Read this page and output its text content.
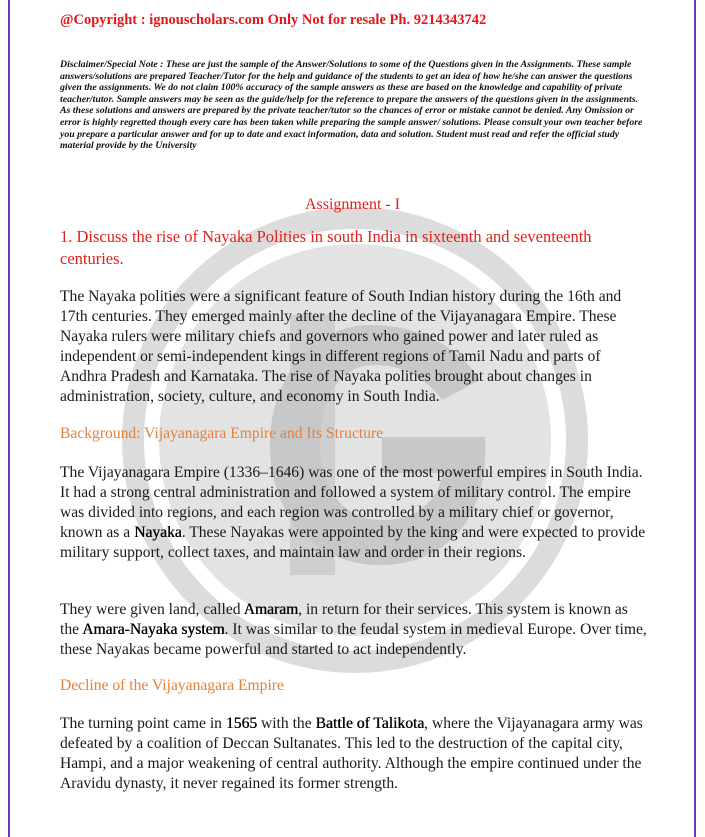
@Copyright : ignouscholars.com Only Not for resale Ph. 9214343742
Disclaimer/Special Note : These are just the sample of the Answer/Solutions to some of the Questions given in the Assignments. These sample answers/solutions are prepared Teacher/Tutor for the help and guidance of the students to get an idea of how he/she can answer the questions given the assignments. We do not claim 100% accuracy of the sample answers as these are based on the knowledge and capability of private teacher/tutor. Sample answers may be seen as the guide/help for the reference to prepare the answers of the questions given in the assignments. As these solutions and answers are prepared by the private teacher/tutor so the chances of error or mistake cannot be denied. Any Omission or error is highly regretted though every care has been taken while preparing the sample answer/ solutions. Please consult your own teacher before you prepare a particular answer and for up to date and exact information, data and solution. Student must read and refer the official study material provide by the University
Assignment - I
1. Discuss the rise of Nayaka Polities in south India in sixteenth and seventeenth centuries.
The Nayaka polities were a significant feature of South Indian history during the 16th and 17th centuries. They emerged mainly after the decline of the Vijayanagara Empire. These Nayaka rulers were military chiefs and governors who gained power and later ruled as independent or semi-independent kings in different regions of Tamil Nadu and parts of Andhra Pradesh and Karnataka. The rise of Nayaka polities brought about changes in administration, society, culture, and economy in South India.
Background: Vijayanagara Empire and Its Structure
The Vijayanagara Empire (1336–1646) was one of the most powerful empires in South India. It had a strong central administration and followed a system of military control. The empire was divided into regions, and each region was controlled by a military chief or governor, known as a Nayaka. These Nayakas were appointed by the king and were expected to provide military support, collect taxes, and maintain law and order in their regions.
They were given land, called Amaram, in return for their services. This system is known as the Amara-Nayaka system. It was similar to the feudal system in medieval Europe. Over time, these Nayakas became powerful and started to act independently.
Decline of the Vijayanagara Empire
The turning point came in 1565 with the Battle of Talikota, where the Vijayanagara army was defeated by a coalition of Deccan Sultanates. This led to the destruction of the capital city, Hampi, and a major weakening of central authority. Although the empire continued under the Aravidu dynasty, it never regained its former strength.
